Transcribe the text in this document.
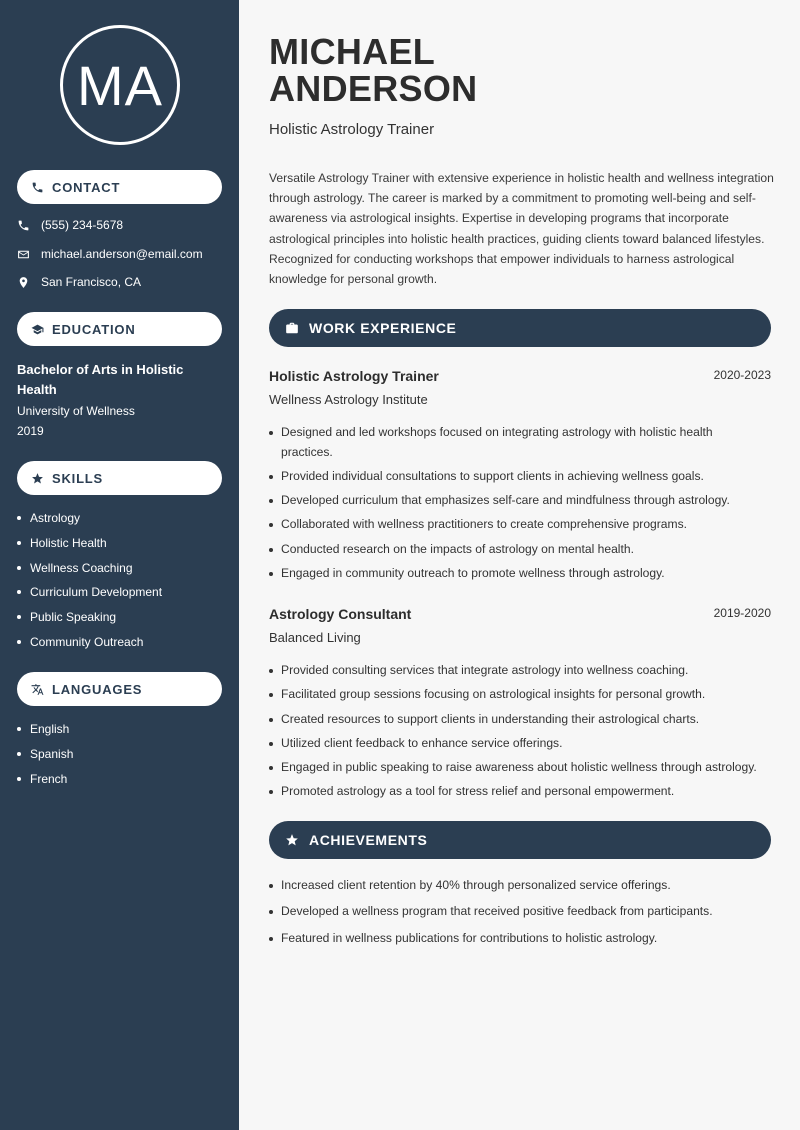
MA
CONTACT
(555) 234-5678
michael.anderson@email.com
San Francisco, CA
EDUCATION
Bachelor of Arts in Holistic Health
University of Wellness
2019
SKILLS
Astrology
Holistic Health
Wellness Coaching
Curriculum Development
Public Speaking
Community Outreach
LANGUAGES
English
Spanish
French
MICHAEL
ANDERSON
Holistic Astrology Trainer

Versatile Astrology Trainer with extensive experience in holistic health and wellness integration through astrology. The career is marked by a commitment to promoting well-being and self-awareness via astrological insights. Expertise in developing programs that incorporate astrological principles into holistic health practices, guiding clients toward balanced lifestyles. Recognized for conducting workshops that empower individuals to harness astrological knowledge for personal growth.

WORK EXPERIENCE
Holistic Astrology Trainer	2020-2023
Wellness Astrology Institute
Designed and led workshops focused on integrating astrology with holistic health practices.
Provided individual consultations to support clients in achieving wellness goals.
Developed curriculum that emphasizes self-care and mindfulness through astrology.
Collaborated with wellness practitioners to create comprehensive programs.
Conducted research on the impacts of astrology on mental health.
Engaged in community outreach to promote wellness through astrology.
Astrology Consultant	2019-2020
Balanced Living
Provided consulting services that integrate astrology into wellness coaching.
Facilitated group sessions focusing on astrological insights for personal growth.
Created resources to support clients in understanding their astrological charts.
Utilized client feedback to enhance service offerings.
Engaged in public speaking to raise awareness about holistic wellness through astrology.
Promoted astrology as a tool for stress relief and personal empowerment.
ACHIEVEMENTS
Increased client retention by 40% through personalized service offerings.
Developed a wellness program that received positive feedback from participants.
Featured in wellness publications for contributions to holistic astrology.
